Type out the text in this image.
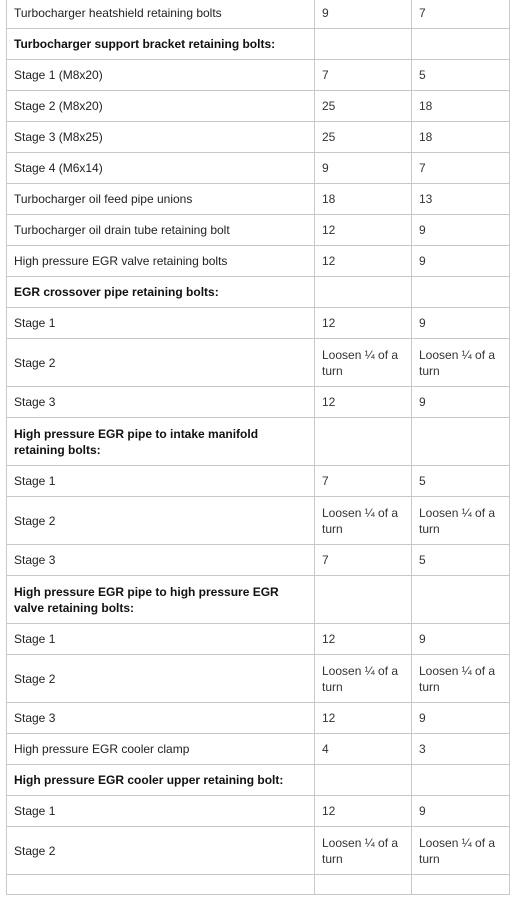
Turbocharger heatshield retaining bolts	9	7
Turbocharger support bracket retaining bolts:		
Stage 1 (M8x20)	7	5
Stage 2 (M8x20)	25	18
Stage 3 (M8x25)	25	18
Stage 4 (M6x14)	9	7
Turbocharger oil feed pipe unions	18	13
Turbocharger oil drain tube retaining bolt	12	9
High pressure EGR valve retaining bolts	12	9
EGR crossover pipe retaining bolts:		
Stage 1	12	9
Stage 2	Loosen ¼ of a turn	Loosen ¼ of a turn
Stage 3	12	9
High pressure EGR pipe to intake manifold retaining bolts:		
Stage 1	7	5
Stage 2	Loosen ¼ of a turn	Loosen ¼ of a turn
Stage 3	7	5
High pressure EGR pipe to high pressure EGR valve retaining bolts:		
Stage 1	12	9
Stage 2	Loosen ¼ of a turn	Loosen ¼ of a turn
Stage 3	12	9
High pressure EGR cooler clamp	4	3
High pressure EGR cooler upper retaining bolt:		
Stage 1	12	9
Stage 2	Loosen ¼ of a turn	Loosen ¼ of a turn
